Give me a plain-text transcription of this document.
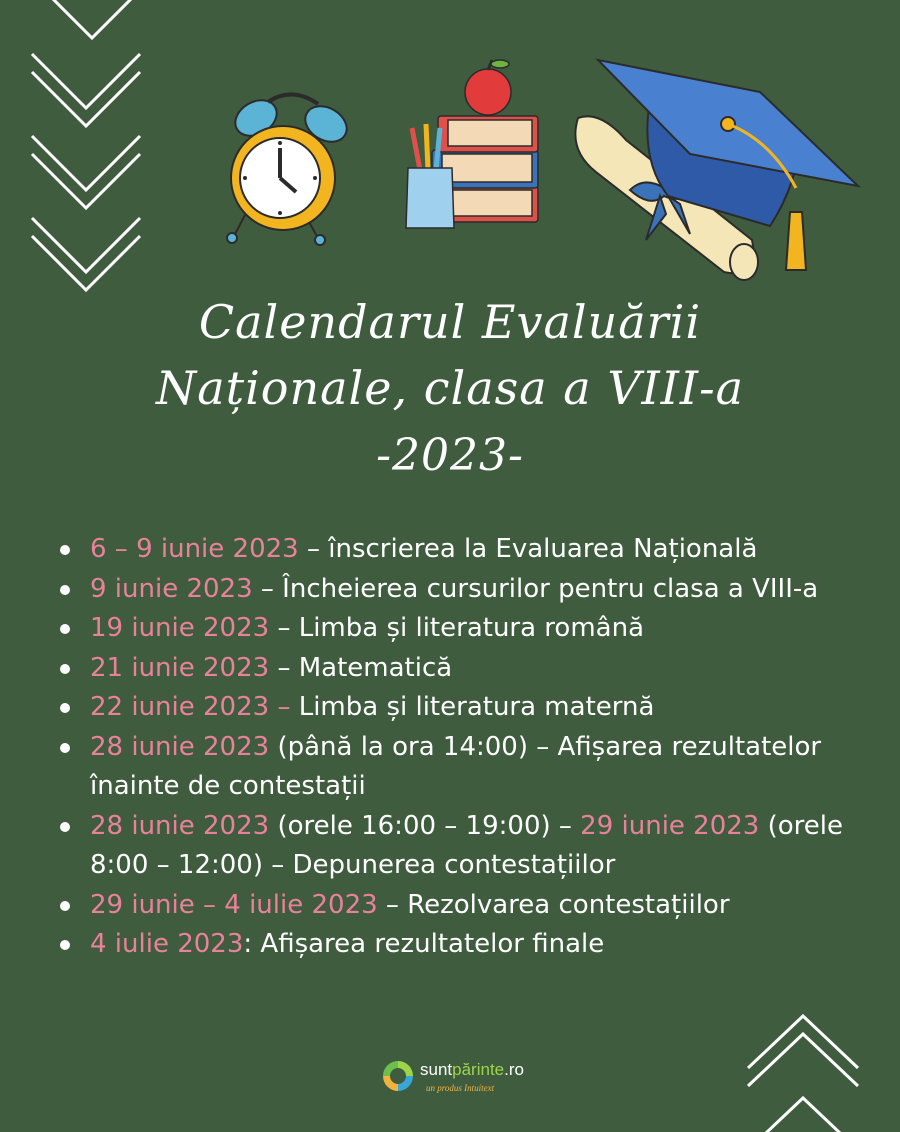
Calendarul Evaluării
Naționale, clasa a VIII-a
-2023-
6 – 9 iunie 2023 – înscrierea la Evaluarea Națională
9 iunie 2023 – Încheierea cursurilor pentru clasa a VIII-a
19 iunie 2023 – Limba și literatura română
21 iunie 2023 – Matematică
22 iunie 2023 – Limba și literatura maternă
28 iunie 2023 (până la ora 14:00) – Afișarea rezultatelor înainte de contestații
28 iunie 2023 (orele 16:00 – 19:00) – 29 iunie 2023 (orele 8:00 – 12:00) – Depunerea contestațiilor
29 iunie – 4 iulie 2023 – Rezolvarea contestațiilor
4 iulie 2023: Afișarea rezultatelor finale
suntpărinte.ro
un produs Intuitext
